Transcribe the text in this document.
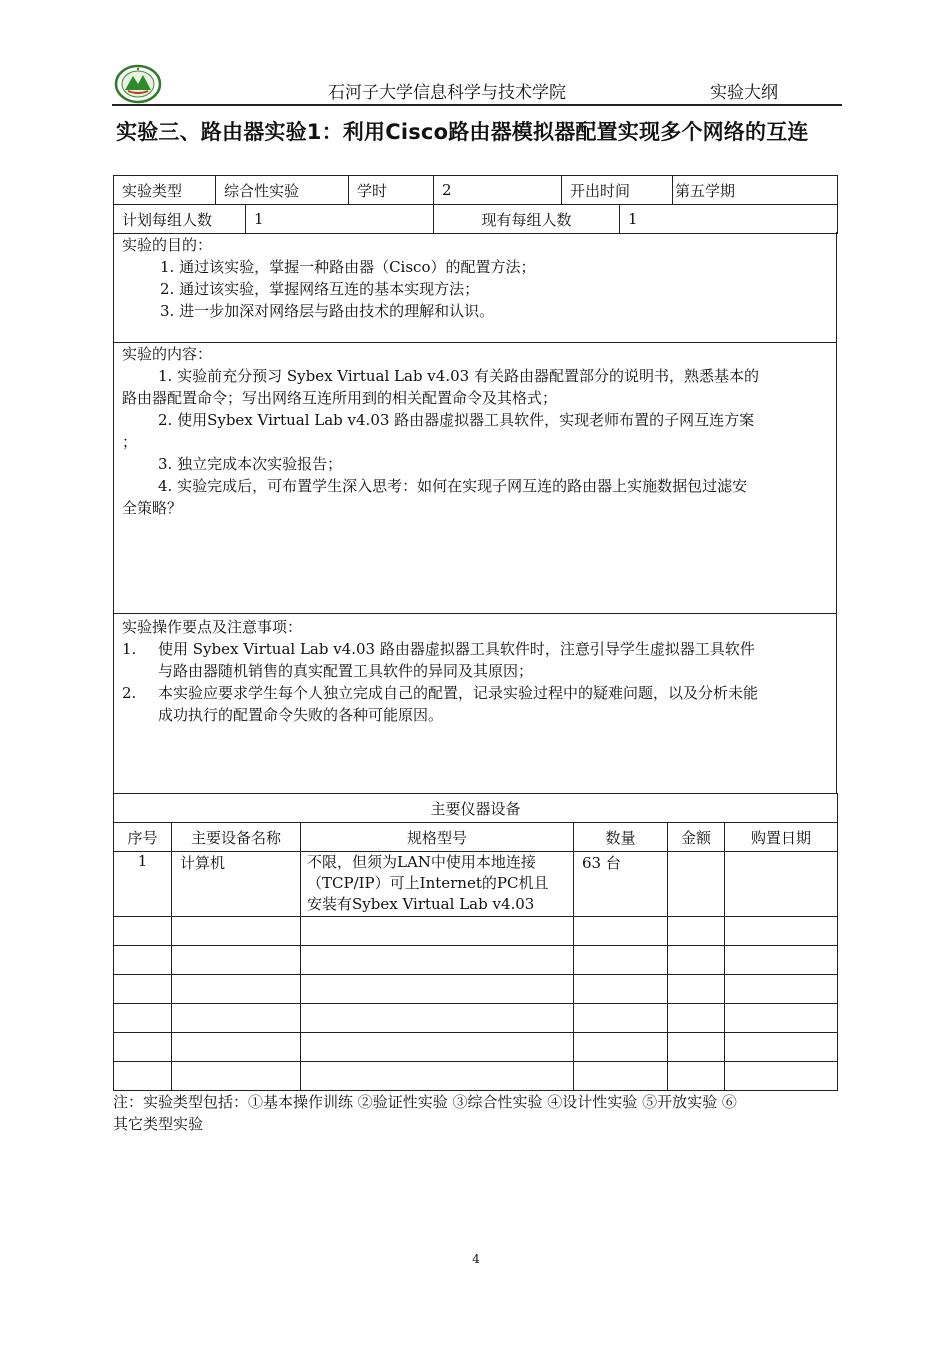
石河子大学信息科学与技术学院	实验大纲
实验三、路由器实验1：利用Cisco路由器模拟器配置实现多个网络的互连
实验类型	综合性实验		学时	2	开出时间		第五学期
计划每组人数		1		现有每组人数		1	
实验的目的：
1. 通过该实验，掌握一种路由器（Cisco）的配置方法；
2. 通过该实验，掌握网络互连的基本实现方法；
3. 进一步加深对网络层与路由技术的理解和认识。
实验的内容：
1. 实验前充分预习 Sybex Virtual Lab v4.03 有关路由器配置部分的说明书，熟悉基本的
路由器配置命令；写出网络互连所用到的相关配置命令及其格式；
2. 使用Sybex Virtual Lab v4.03 路由器虚拟器工具软件，实现老师布置的子网互连方案
；
3. 独立完成本次实验报告；
4. 实验完成后，可布置学生深入思考：如何在实现子网互连的路由器上实施数据包过滤安
全策略？
实验操作要点及注意事项：
1.	使用 Sybex Virtual Lab v4.03 路由器虚拟器工具软件时，注意引导学生虚拟器工具软件
与路由器随机销售的真实配置工具软件的异同及其原因；
2.	本实验应要求学生每个人独立完成自己的配置，记录实验过程中的疑难问题，以及分析未能
成功执行的配置命令失败的各种可能原因。
主要仪器设备					
序号	主要设备名称	规格型号	数量	金额	购置日期
1	计算机	不限，但须为LAN中使用本地连接
（TCP/IP）可上Internet的PC机且
安装有Sybex Virtual Lab v4.03	63 台		

注：实验类型包括：①基本操作训练 ②验证性实验 ③综合性实验 ④设计性实验 ⑤开放实验 ⑥
其它类型实验
4
